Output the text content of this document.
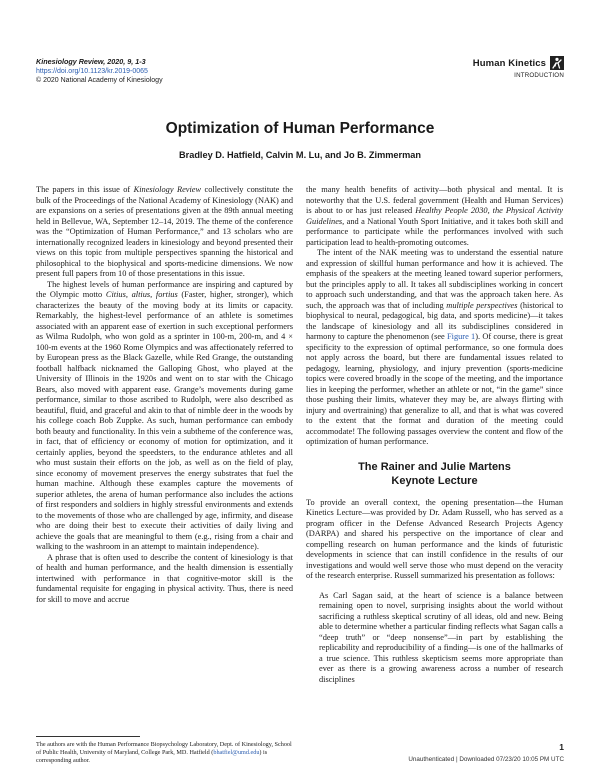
Kinesiology Review, 2020, 9, 1-3
https://doi.org/10.1123/kr.2019-0065
© 2020 National Academy of Kinesiology
Human Kinetics
INTRODUCTION
Optimization of Human Performance
Bradley D. Hatfield, Calvin M. Lu, and Jo B. Zimmerman

The papers in this issue of Kinesiology Review collectively constitute the bulk of the Proceedings of the National Academy of Kinesiology (NAK) and are expansions on a series of presentations given at the 89th annual meeting held in Bellevue, WA, September 12–14, 2019. The theme of the conference was the “Optimization of Human Performance,” and 13 scholars who are internationally recognized leaders in kinesiology and beyond presented their views on this topic from multiple perspectives spanning the historical and philosophical to the biophysical and sports-medicine dimensions. We now present full papers from 10 of those presentations in this issue.

The highest levels of human performance are inspiring and captured by the Olympic motto Citius, altius, fortius (Faster, higher, stronger), which characterizes the beauty of the moving body at its limits or capacity. Remarkably, the highest-level performance of an athlete is sometimes associated with an apparent ease of exertion in such exceptional performers as Wilma Rudolph, who won gold as a sprinter in 100-m, 200-m, and 4 × 100-m events at the 1960 Rome Olympics and was affectionately referred to by European press as the Black Gazelle, while Red Grange, the outstanding football halfback nicknamed the Galloping Ghost, who played at the University of Illinois in the 1920s and went on to star with the Chicago Bears, also moved with apparent ease. Grange’s movements during game performance, similar to those ascribed to Rudolph, were also described as beautiful, fluid, and graceful and akin to that of nimble deer in the woods by his college coach Bob Zuppke. As such, human performance can embody both beauty and functionality. In this vein a subtheme of the conference was, in fact, that of efficiency or economy of motion for optimization, and it certainly applies, beyond the speedsters, to the endurance athletes and all who must sustain their efforts on the job, as well as on the field of play, since economy of movement preserves the energy substrates that fuel the human machine. Although these examples capture the movements of superior athletes, the arena of human performance also includes the actions of first responders and soldiers in highly stressful environments and extends to the movements of those who are challenged by age, infirmity, and disease who are doing their best to execute their activities of daily living and achieve the goals that are meaningful to them (e.g., rising from a chair and walking to the washroom in an attempt to maintain independence).

A phrase that is often used to describe the content of kinesiology is that of health and human performance, and the health dimension is essentially intertwined with performance in that cognitive-motor skill is the fundamental requisite for engaging in physical activity. Thus, there is need for skill to move and accrue

the many health benefits of activity—both physical and mental. It is noteworthy that the U.S. federal government (Health and Human Services) is about to or has just released Healthy People 2030, the Physical Activity Guidelines, and a National Youth Sport Initiative, and it takes both skill and performance to participate while the performances involved with such participation lead to health-promoting outcomes.

The intent of the NAK meeting was to understand the essential nature and expression of skillful human performance and how it is achieved. The emphasis of the speakers at the meeting leaned toward superior performers, but the principles apply to all. It takes all subdisciplines working in concert to approach such understanding, and that was the approach taken here. As such, the approach was that of including multiple perspectives (historical to biophysical to neural, pedagogical, big data, and sports medicine)—it takes the landscape of kinesiology and all its subdisciplines considered in harmony to capture the phenomenon (see Figure 1). Of course, there is great specificity to the expression of optimal performance, so one formula does not apply across the board, but there are fundamental issues related to pedagogy, learning, physiology, and injury prevention (sports-medicine topics were covered broadly in the scope of the meeting, and the importance lies in keeping the performer, whether an athlete or not, “in the game” since those pushing their limits, whatever they may be, are always flirting with injury and overtraining) that generalize to all, and that is what was covered to the extent that the format and duration of the meeting could accommodate! The following passages overview the content and flow of the optimization of human performance.

The Rainer and Julie Martens
Keynote Lecture

To provide an overall context, the opening presentation—the Human Kinetics Lecture—was provided by Dr. Adam Russell, who has served as a program officer in the Defense Advanced Research Projects Agency (DARPA) and shared his perspective on the importance of clear and compelling research on human performance and the kinds of futuristic developments in science that can instill confidence in the results of our investigations and would well serve those who must depend on the veracity of the research enterprise. Russell summarized his presentation as follows:

As Carl Sagan said, at the heart of science is a balance between remaining open to novel, surprising insights about the world without sacrificing a ruthless skeptical scrutiny of all ideas, old and new. Being able to determine whether a particular finding reflects what Sagan calls a “deep truth” or “deep nonsense”—in part by establishing the replicability and reproducibility of a finding—is one of the hallmarks of a true science. This ruthless skepticism seems more appropriate than ever as there is a growing awareness across a number of research disciplines

The authors are with the Human Performance Biopsychology Laboratory, Dept. of Kinesiology, School of Public Health, University of Maryland, College Park, MD. Hatfield (bhatfiel@umd.edu) is corresponding author.
1
Unauthenticated | Downloaded 07/23/20 10:05 PM UTC
